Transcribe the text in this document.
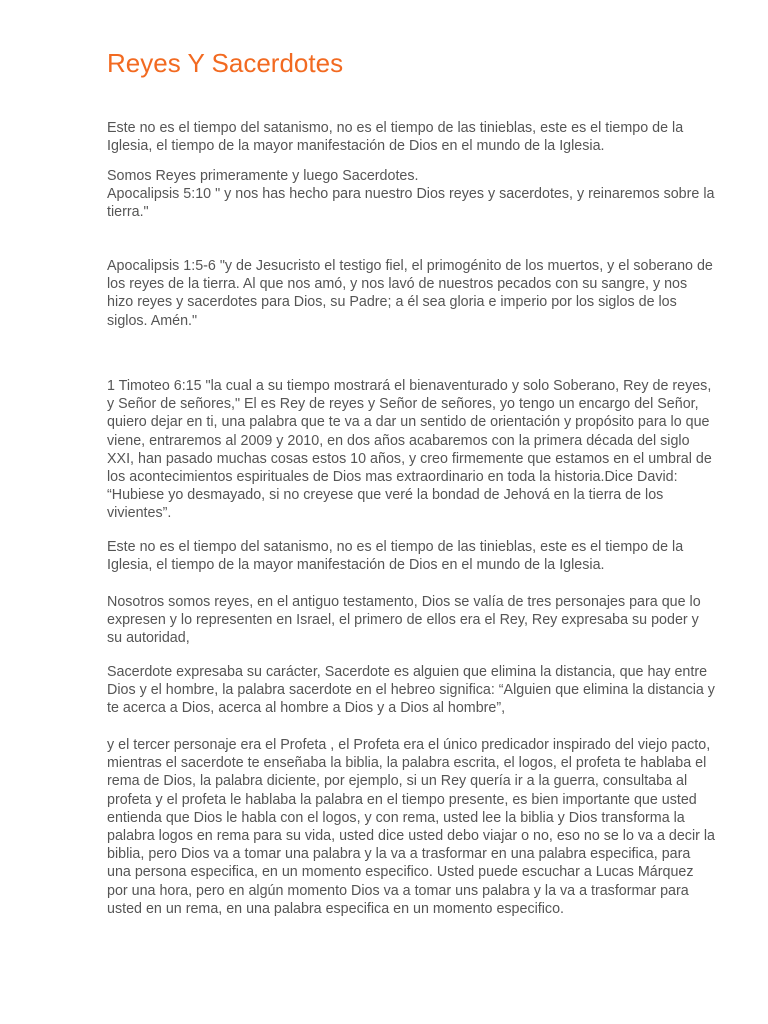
Reyes Y Sacerdotes

Este no es el tiempo del satanismo, no es el tiempo de las tinieblas, este es el tiempo de la Iglesia, el tiempo de la mayor manifestación de Dios en el mundo de la Iglesia.

Somos Reyes primeramente y luego Sacerdotes.
Apocalipsis 5:10 " y nos has hecho para nuestro Dios reyes y sacerdotes, y reinaremos sobre la tierra."

Apocalipsis 1:5-6 "y de Jesucristo el testigo fiel, el primogénito de los muertos, y el soberano de los reyes de la tierra. Al que nos amó, y nos lavó de nuestros pecados con su sangre, y nos hizo reyes y sacerdotes para Dios, su Padre; a él sea gloria e imperio por los siglos de los siglos. Amén."

1 Timoteo 6:15 "la cual a su tiempo mostrará el bienaventurado y solo Soberano, Rey de reyes, y Señor de señores," El es Rey de reyes y Señor de señores, yo tengo un encargo del Señor, quiero dejar en ti, una palabra que te va a dar un sentido de orientación y propósito para lo que viene, entraremos al 2009 y 2010, en dos años acabaremos con la primera década del siglo XXI, han pasado muchas cosas estos 10 años, y creo firmemente que estamos en el umbral de los acontecimientos espirituales de Dios mas extraordinario en toda la historia.Dice David: “Hubiese yo desmayado, si no creyese que veré la bondad de Jehová en la tierra de los vivientes”.

Este no es el tiempo del satanismo, no es el tiempo de las tinieblas, este es el tiempo de la Iglesia, el tiempo de la mayor manifestación de Dios en el mundo de la Iglesia.

Nosotros somos reyes, en el antiguo testamento, Dios se valía de tres personajes para que lo expresen y lo representen en Israel, el primero de ellos era el Rey, Rey expresaba su poder y su autoridad,

Sacerdote expresaba su carácter, Sacerdote es alguien que elimina la distancia, que hay entre Dios y el hombre, la palabra sacerdote en el hebreo significa: “Alguien que elimina la distancia y te acerca a Dios, acerca al hombre a Dios y a Dios al hombre”,

y el tercer personaje era el Profeta , el Profeta era el único predicador inspirado del viejo pacto, mientras el sacerdote te enseñaba la biblia, la palabra escrita, el logos, el profeta te hablaba el rema de Dios, la palabra diciente, por ejemplo, si un Rey quería ir a la guerra, consultaba al profeta y el profeta le hablaba la palabra en el tiempo presente, es bien importante que usted entienda que Dios le habla con el logos, y con rema, usted lee la biblia y Dios transforma la palabra logos en rema para su vida, usted dice usted debo viajar o no, eso no se lo va a decir la biblia, pero Dios va a tomar una palabra y la va a trasformar en una palabra especifica, para una persona especifica, en un momento especifico. Usted puede escuchar a Lucas Márquez por una hora, pero en algún momento Dios va a tomar uns palabra y la va a trasformar para usted en un rema, en una palabra especifica en un momento especifico.
